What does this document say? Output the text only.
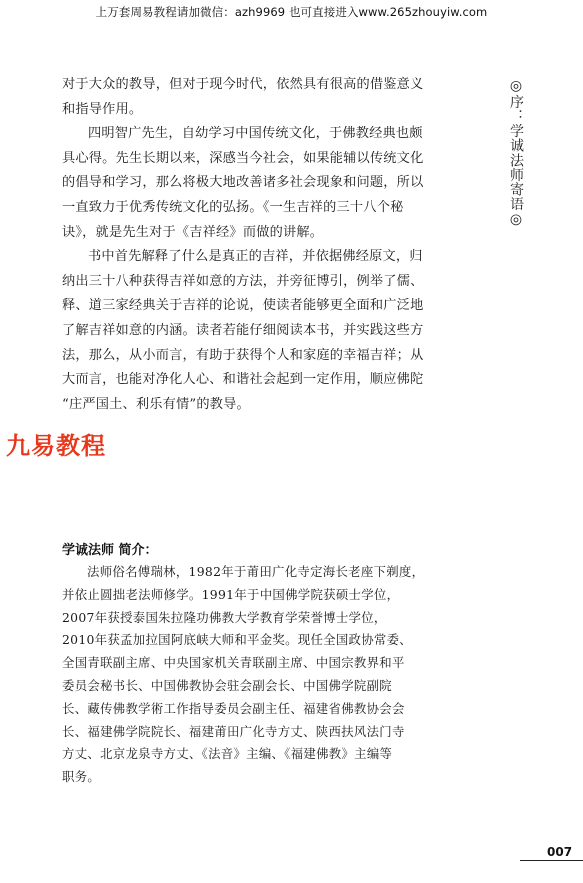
上万套周易教程请加微信：azh9969 也可直接进入www.265zhouyiw.com
◎序：学诚法师寄语◎
对于大众的教导，但对于现今时代，依然具有很高的借鉴意义
和指导作用。
四明智广先生，自幼学习中国传统文化，于佛教经典也颇
具心得。先生长期以来，深感当今社会，如果能辅以传统文化
的倡导和学习，那么将极大地改善诸多社会现象和问题，所以
一直致力于优秀传统文化的弘扬。《一生吉祥的三十八个秘
诀》，就是先生对于《吉祥经》而做的讲解。
书中首先解释了什么是真正的吉祥，并依据佛经原文，归
纳出三十八种获得吉祥如意的方法，并旁征博引，例举了儒、
释、道三家经典关于吉祥的论说，使读者能够更全面和广泛地
了解吉祥如意的内涵。读者若能仔细阅读本书，并实践这些方
法，那么，从小而言，有助于获得个人和家庭的幸福吉祥；从
大而言，也能对净化人心、和谐社会起到一定作用，顺应佛陀
“庄严国土、利乐有情”的教导。
九易教程
学诚法师 简介：
法师俗名傅瑞林，1982年于莆田广化寺定海长老座下剃度，
并依止圆拙老法师修学。1991年于中国佛学院获硕士学位，
2007年获授泰国朱拉隆功佛教大学教育学荣誉博士学位，
2010年获孟加拉国阿底峡大师和平金奖。现任全国政协常委、
全国青联副主席、中央国家机关青联副主席、中国宗教界和平
委员会秘书长、中国佛教协会驻会副会长、中国佛学院副院
长、藏传佛教学術工作指导委员会副主任、福建省佛教协会会
长、福建佛学院院长、福建莆田广化寺方丈、陕西扶风法门寺
方丈、北京龙泉寺方丈、《法音》主编、《福建佛教》主编等
职务。
007
